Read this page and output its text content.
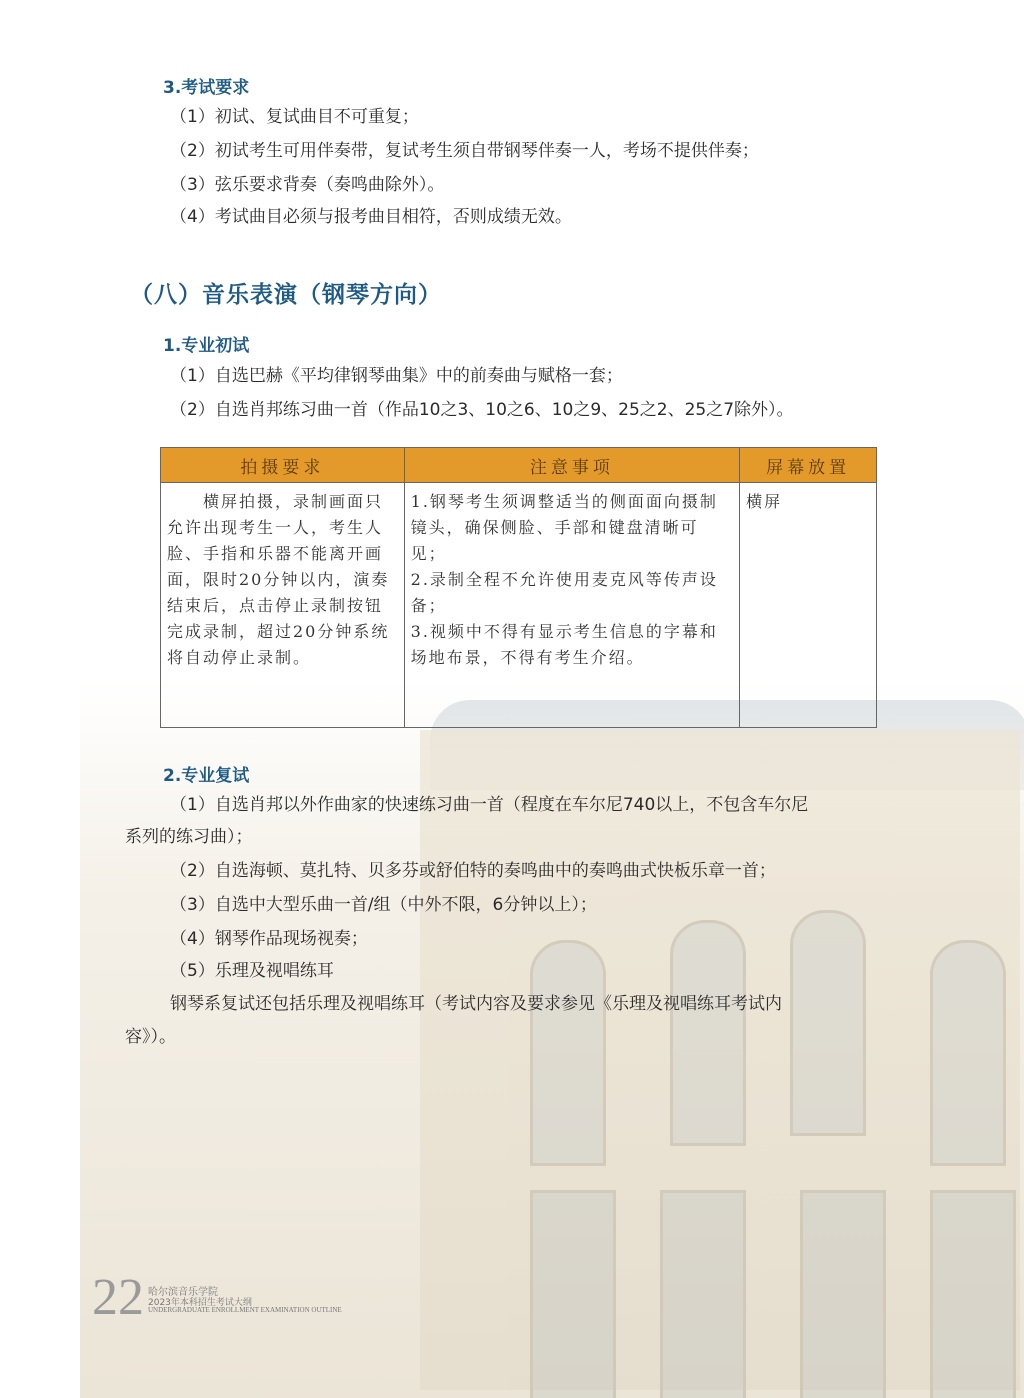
3.考试要求
（1）初试、复试曲目不可重复；
（2）初试考生可用伴奏带，复试考生须自带钢琴伴奏一人，考场不提供伴奏；
（3）弦乐要求背奏（奏鸣曲除外）。
（4）考试曲目必须与报考曲目相符，否则成绩无效。
（八）音乐表演（钢琴方向）
1.专业初试
（1）自选巴赫《平均律钢琴曲集》中的前奏曲与赋格一套；
（2）自选肖邦练习曲一首（作品10之3、10之6、10之9、25之2、25之7除外）。
拍摄要求	注意事项	屏幕放置
　　横屏拍摄，录制画面只允许出现考生一人，考生人脸、手指和乐器不能离开画面，限时20分钟以内，演奏结束后，点击停止录制按钮完成录制，超过20分钟系统将自动停止录制。	1.钢琴考生须调整适当的侧面面向摄制镜头，确保侧脸、手部和键盘清晰可见；
2.录制全程不允许使用麦克风等传声设备；
3.视频中不得有显示考生信息的字幕和场地布景，不得有考生介绍。	横屏
2.专业复试
（1）自选肖邦以外作曲家的快速练习曲一首（程度在车尔尼740以上，不包含车尔尼
系列的练习曲）；
（2）自选海顿、莫扎特、贝多芬或舒伯特的奏鸣曲中的奏鸣曲式快板乐章一首；
（3）自选中大型乐曲一首/组（中外不限，6分钟以上）；
（4）钢琴作品现场视奏；
（5）乐理及视唱练耳
钢琴系复试还包括乐理及视唱练耳（考试内容及要求参见《乐理及视唱练耳考试内
容》）。
22 哈尔滨音乐学院
2023年本科招生考试大纲
UNDERGRADUATE ENROLLMENT EXAMINATION OUTLINE
